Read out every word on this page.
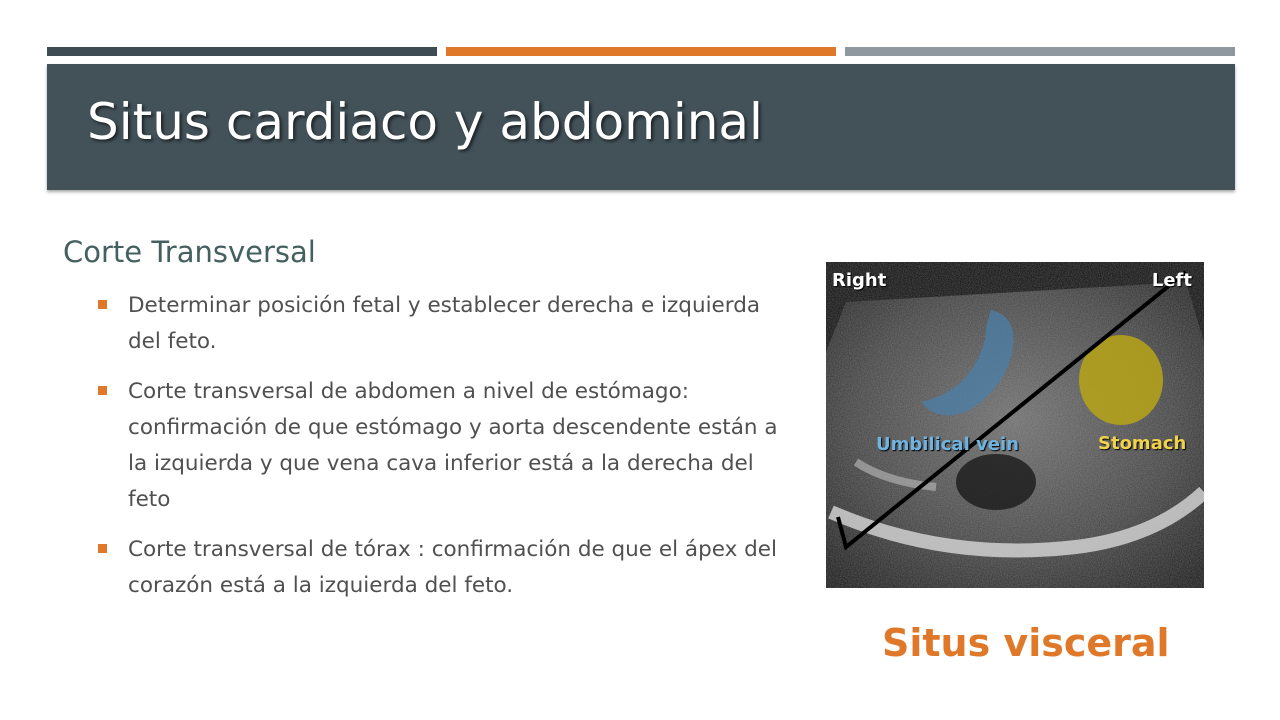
Situs cardiaco y abdominal
Corte Transversal
Determinar posición fetal y establecer derecha e izquierda del feto.
Corte transversal de abdomen a nivel de estómago: confirmación de que estómago y aorta descendente están a la izquierda y que vena cava inferior está a la derecha del feto
Corte transversal de tórax : confirmación de que el ápex del corazón está a la izquierda del feto.
Right	Left
Umbilical vein	Stomach
Situs visceral
